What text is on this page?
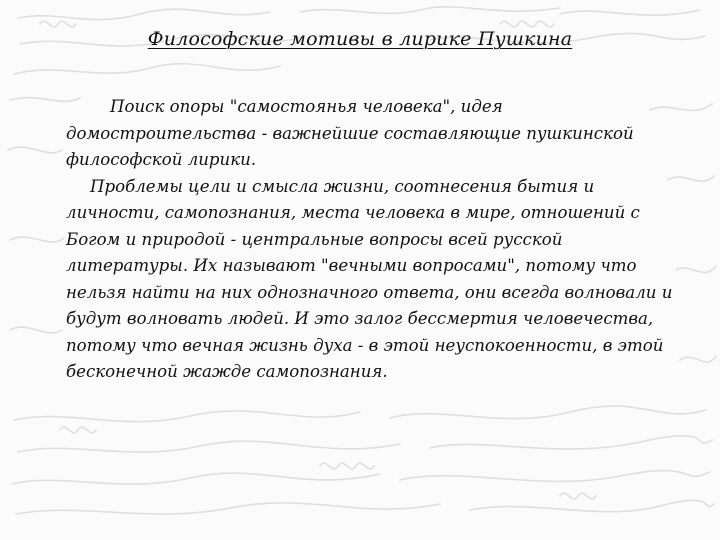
Философские мотивы в лирике Пушкина

Поиск опоры "самостоянья человека", идея домостроительства - важнейшие составляющие пушкинской философской лирики.

Проблемы цели и смысла жизни, соотнесения бытия и личности, самопознания, места человека в мире, отношений с Богом и природой - центральные вопросы всей русской литературы. Их называют "вечными вопросами", потому что нельзя найти на них однозначного ответа, они всегда волновали и будут волновать людей. И это залог бессмертия человечества, потому что вечная жизнь духа - в этой неуспокоенности, в этой бесконечной жажде самопознания.
